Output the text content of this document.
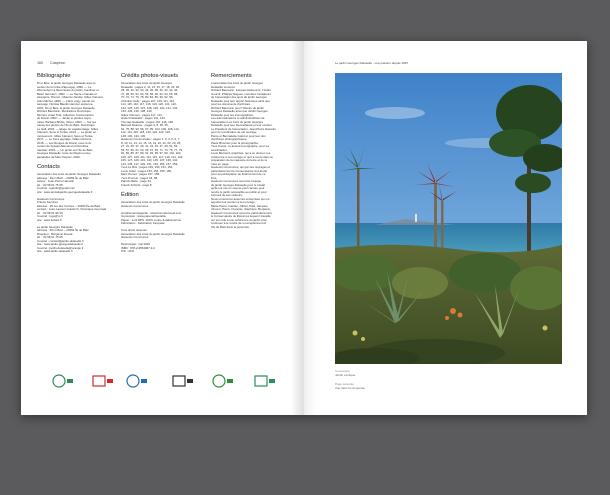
160 Colophon
Bibliographie

Di et Bois, le jardin Georges Delaselle avec le
sentier de la Crête d'Epougay, 1999. — Le
Wurzenborn à l'Ecomusée du jardin, Gardiner et
Beatr Hermann, 1993. — Le Sente ornanale et
étrangère, Rivnort ; Maurice Nicolaï, Gilles Clément,
Alain Michel, 1999. — L'Erix vuigy, pas Et vie
sauvage. Nicolas Baudin Hermier ancienne,
2001. De et Bois, le jardin Georges Delaselle,
Richard Baumann, illustrations Dominique
Mornier, Antar Trail, collection Conservatoire
du littoral, 2002. — Jardin et plantes régio-
nales. Barbara Bricks, Ulmer, 2003. — Sur les
traces des jardins de l'île de Batz, Dominique
Le Gall, 2004. — Eloge du vagabondage. Gilles
Clément, Sens et Tonka, 2014. — Le jardin en
mouvement, Gilles Clément, Sens et Tonka,
2017. — Le Tiers paysage, Gilles Clément,
2018. — Les Rouges du littoral, sous la di-
rection de Sylvain Allemand et Dorothée
Vauclair, 2019. — Un jardin sur l'île de Batz,
Georges Delaselle, texte de Régis Leroux,
aquarelles de Marc Deprez, 2020.

Contacts

Association des Amis du jardin Georges Delaselle
adresse : Penn Batz – 29253 Île de Batz
Acteur : Jean-Pierre Hamelin
tél. : 02 98 61 75 65
Courriel : lejardin@gmail.com
site : www.amisdujardin-georgesdelaselle.fr

Hauteurs Communes
France Services
adresse : 29 rue des Carmes – 29253 Île-de-Batz
contact : Jean-Laurent Guivarc'h, Véronique Guernaël
tél. : 02 98 61 90 30
Courriel : logo@m.fr
site : www.ilebatz.fr

Le jardin Georges Delaselle
adresse : Penn Batz – 29253 Île de Batz
Directeur : Benjamin Doudé
tél. : 02 98 61 75 65
Courriel : contact@jardin-delaselle.fr
site : www.jardin-georgesdelaselle.fr
Courriel : jardin-delaselle@orange.fr
site : www.jardin-delaselle.fr

Crédits photos-visuels

Association des Amis du jardin Georges
Delaselle : pages 2, 11, 13, 15, 17, 18, 24, 26,
28, 29, 30, 32, 33, 34, 36, 38, 40, 42, 44, 46,
47, 48, 50, 52, 54, 56, 58, 60, 62, 64, 66, 68,
70, 72, 74, 76, 78, 80, 84, 86, 90, 92, 96,
Christian Kelly : pages 107, 109, 111, 113,
114, 115, 116, 117, 118, 119, 120, 121, 122,
124, 125, 126, 127, 128, 129, 130, 131, 132,
133, 135, 136, 138, 140,
Gilles Clément : pages 117, 121,
Hubert Delaselle : pages 131, 133,
Thomas Delaselle : pages 142, 145, 148,
Bernard Delerue : pages 4, 8, 36, 45,
62, 75, 88, 93, 96, 97, 99, 104, 106, 108, 110,
112, 114, 116, 118, 120, 122, 124, 126,
128, 130, 134, 136,
Hauteurs Communales : pages 1, 3, 4, 5, 6, 7,
8, 10, 11, 13, 14, 15, 16, 19, 20, 21, 22, 23, 25,
27, 31, 35, 37, 39, 41, 43, 45, 47, 49, 51, 53,
55, 57, 59, 61, 63, 65, 67, 69, 71, 73, 75, 77, 79,
81, 83, 85, 87, 89, 91, 93, 95, 97, 99, 101, 103,
105, 107, 109, 111, 113, 115, 117, 119, 121, 123,
125, 127, 129, 131, 133, 135, 137, 139, 141,
143, 145, 147, 149, 151, 153, 155, 157, 159,
Yves Le Bris : pages 149, 150, 151, 152,
Louis Lebot : pages 153, 154, 155, 156,
Marc Pernet : pages 157, 158,
Yves Pronost : pages 64, 68,
Patrick Mahé : page 34,
Franck Schmitt : page 8

Édition

Association des Amis du jardin Georges Delaselle
Hauteurs Communes

Graphisme/maquette : www.bonnefermedi.com
Impression : www.papereltrouvable
Papier : écrit RPS, 100% contre & débisolorme
Fabrication : Fabrication française

Tous droits réservés
Association des Amis du jardin Georges Delaselle
Hauteurs Communes

Dépôt légal : mai 2020
ISBN : 978-2-9564967-3-4
Prix : 25 €

Remerciements

L'association les Amis du jardin Georges
Delaselle remercie
Richard Baumann, Jacques Deloeuvre, Tristan
Gourvil, Philippe Nogues, membres fondateurs
de l'association des amis du jardin Georges
Delaselle pour leur apport historique ainsi que
pour les documents d'archives.
Richard Baumann pour l'histoire du jardin
Georges Delaselle ainsi que Jardin Georges
Delaselle pour les iconographies,
Les administrateurs et administratrices de
l'association Les Amis du jardin Georges
Delaselle pour leur bienveillance et leur soutien,
Le Président de l'association, Jean-Pierre Hamelin,
pour la coordination de cet ouvrage,
Pierre et Bernadette Giard et pour leur don
d'archives photographiques,
Paule Brionnec pour la photographie,
Yves Kreivé, co-lecteur-iconographe, pour sa
coordination,
Louis Bertrand, graphiste, qui a su donner une
cohérence à cet ouvrage et qui l'a rendu dans la
préparation de la maquette du texte et de la
mise en page,
Hauteurs Communes, qui par ses ouvrages et
particulièrement le Conservatoire du Littoral
pour sa participation au financement de ce
livre,
Hauteurs Communes remercie l'équipe
du jardin Georges Delaselle pour le travail
qu'ils ont mis en oeuvre pour l'année pour
rendre le jardin accessible au public et pour
l'accueil de ses visiteurs,
Nous remercions aussi les entreprises qui ont
apporté leur soutien à cet ouvrage,
Marie-Pierre, Gaëtan, Olivier, Paul, Jacques,
Vincent, Pierre, François, Stéphane, Benjamin,
Hauteurs Communes remercie particulièrement
le Conservatoire du littoral qui lequel il travaille
sur son rôle à une cohérence du jardin pour
continuer à le rendre de si exceptionnel sur
l'île de Batz dans la pérennité.

Le jardin Georges Delaselle · une passion depuis 1897
Couverture
Jardin exotique
Page suivante
Vue dans la récupérée
